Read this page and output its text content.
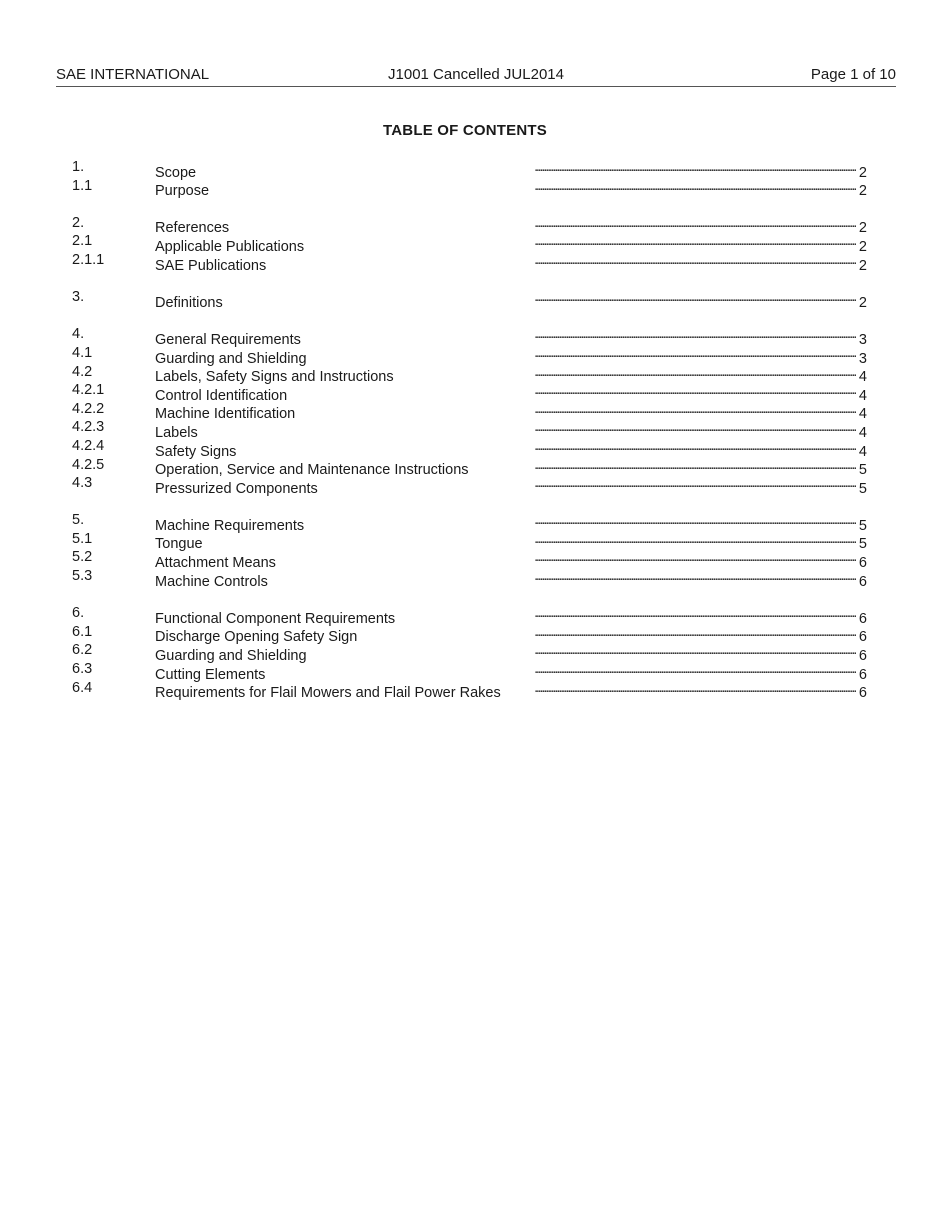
SAE INTERNATIONAL	J1001 Cancelled JUL2014	Page 1 of 10
TABLE OF CONTENTS
1.	Scope . . .	2
1.1	Purpose . . .	2
2.	References . . .	2
2.1	Applicable Publications . . .	2
2.1.1	SAE Publications . . .	2
3.	Definitions . . .	2
4.	General Requirements . . .	3
4.1	Guarding and Shielding . . .	3
4.2	Labels, Safety Signs and Instructions . . .	4
4.2.1	Control Identification . . .	4
4.2.2	Machine Identification . . .	4
4.2.3	Labels . . .	4
4.2.4	Safety Signs . . .	4
4.2.5	Operation, Service and Maintenance Instructions . . .	5
4.3	Pressurized Components . . .	5
5.	Machine Requirements . . .	5
5.1	Tongue . . .	5
5.2	Attachment Means . . .	6
5.3	Machine Controls . . .	6
6.	Functional Component Requirements . . .	6
6.1	Discharge Opening Safety Sign . . .	6
6.2	Guarding and Shielding . . .	6
6.3	Cutting Elements . . .	6
6.4	Requirements for Flail Mowers and Flail Power Rakes . . .	6
